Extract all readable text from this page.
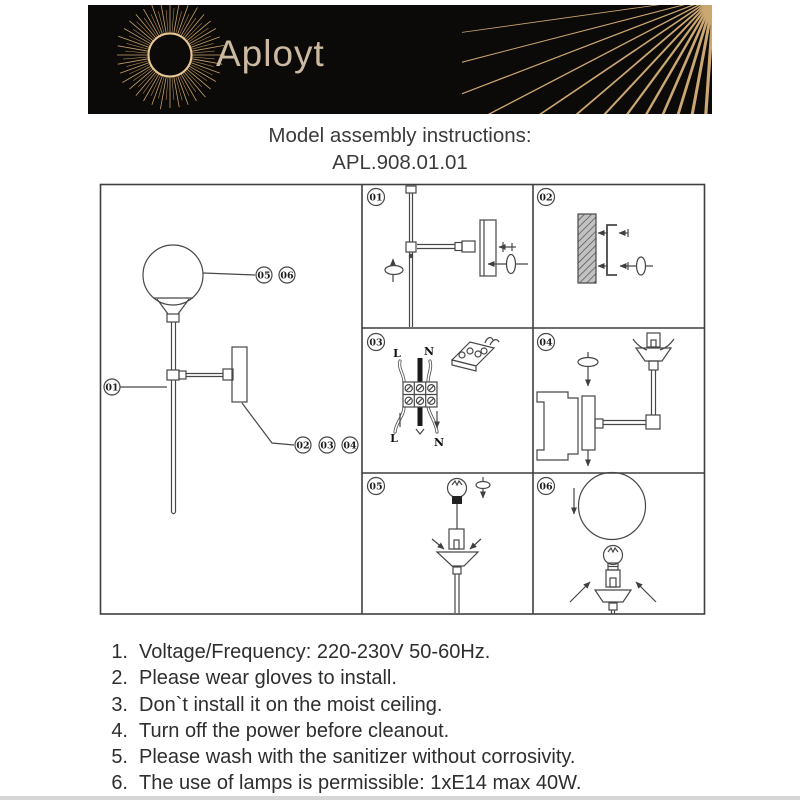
Aployt
Model assembly instructions:
APL.908.01.01
01
05 06
02 03 04
01	02
03
L N
L	N
04
05	06
1. Voltage/Frequency: 220-230V 50-60Hz.
2. Please wear gloves to install.
3. Don`t install it on the moist ceiling.
4. Turn off the power before cleanout.
5. Please wash with the sanitizer without corrosivity.
6. The use of lamps is permissible: 1xE14 max 40W.
